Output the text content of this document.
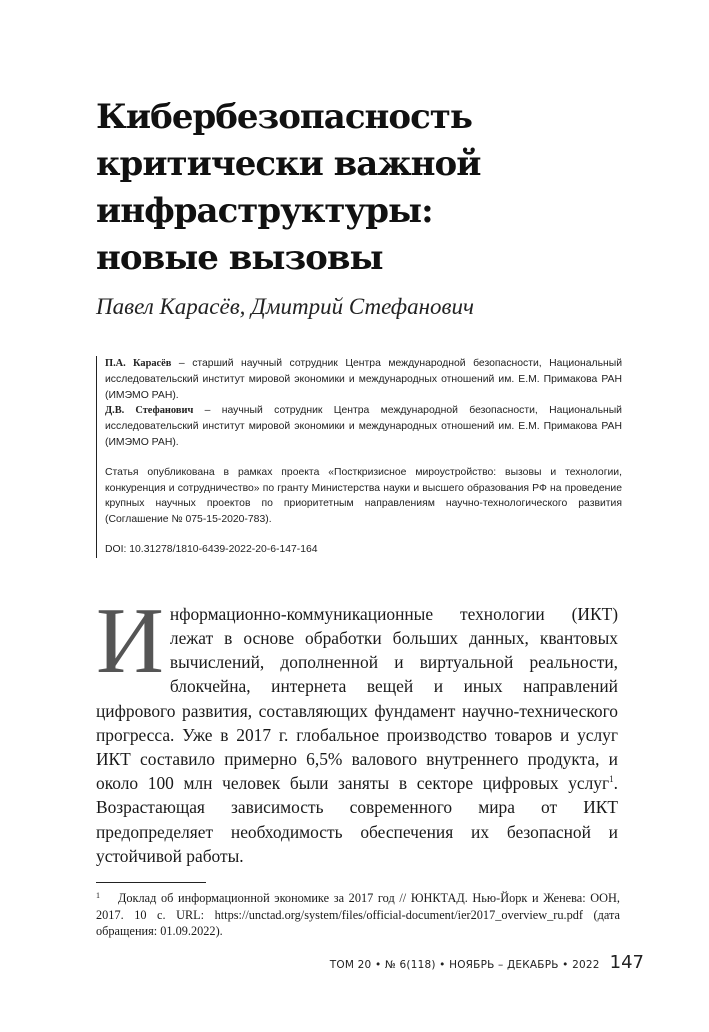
Кибербезопасность
критически важной
инфраструктуры:
новые вызовы
Павел Карасёв, Дмитрий Стефанович

П.А. Карасёв – старший научный сотрудник Центра международной безопасности, Национальный исследовательский институт мировой экономики и международных отношений им. Е.М. Примакова РАН (ИМЭМО РАН).

Д.В. Стефанович – научный сотрудник Центра международной безопасности, Национальный исследовательский институт мировой экономики и международных отношений им. Е.М. Примакова РАН (ИМЭМО РАН).

Статья опубликована в рамках проекта «Посткризисное мироустройство: вызовы и технологии, конкуренция и сотрудничество» по гранту Министерства науки и высшего образования РФ на проведение крупных научных проектов по приоритетным направлениям научно-технологического развития (Соглашение № 075-15-2020-783).

DOI: 10.31278/1810-6439-2022-20-6-147-164

Информационно-коммуникационные технологии (ИКТ) лежат в основе обработки больших данных, квантовых вычислений, дополненной и виртуальной реальности, блокчейна, интернета вещей и иных направлений цифрового развития, составляющих фундамент научно-технического прогресса. Уже в 2017 г. глобальное производство товаров и услуг ИКТ составило примерно 6,5% валового внутреннего продукта, и около 100 млн человек были заняты в секторе цифровых услуг$^1$. Возрастающая зависимость современного мира от ИКТ предопределяет необходимость обеспечения их безопасной и устойчивой работы.
$^1$ Доклад об информационной экономике за 2017 год // ЮНКТАД. Нью-Йорк и Женева: ООН, 2017. 10 с. URL: https://unctad.org/system/files/official-document/ier2017_overview_ru.pdf (дата обращения: 01.09.2022).
ТОМ 20 • № 6(118) • НОЯБРЬ – ДЕКАБРЬ • 2022 147
